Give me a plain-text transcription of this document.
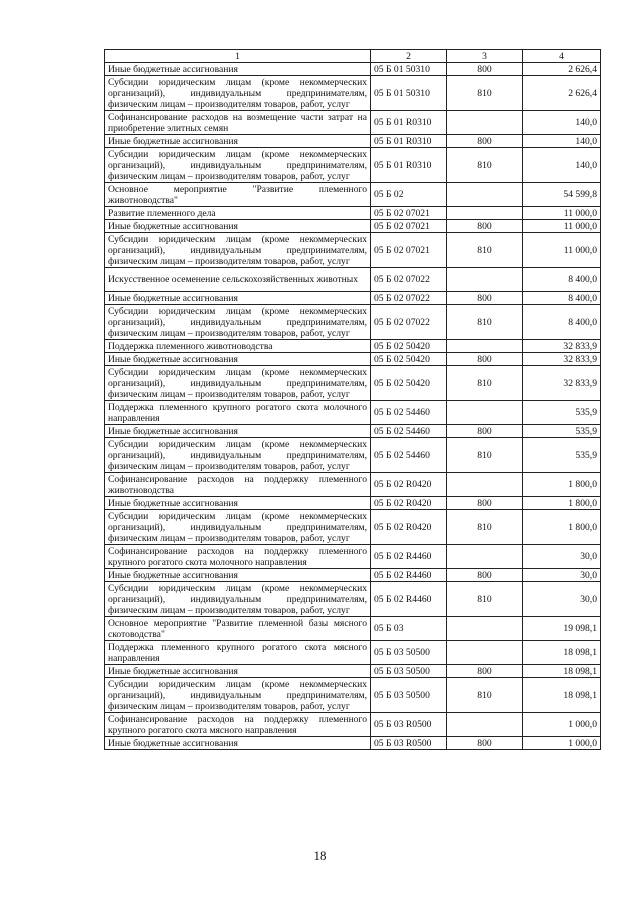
1	2	3	4
Иные бюджетные ассигнования	05 Б 01 50310	800	2 626,4
Субсидии юридическим лицам (кроме некоммерческих организаций), индивидуальным предпринимателям, физическим лицам – производителям товаров, работ, услуг	05 Б 01 50310	810	2 626,4
Софинансирование расходов на возмещение части затрат на приобретение элитных семян	05 Б 01 R0310		140,0
Иные бюджетные ассигнования	05 Б 01 R0310	800	140,0
Субсидии юридическим лицам (кроме некоммерческих организаций), индивидуальным предпринимателям, физическим лицам – производителям товаров, работ, услуг	05 Б 01 R0310	810	140,0
Основное мероприятие "Развитие племенного животноводства"	05 Б 02		54 599,8
Развитие племенного дела	05 Б 02 07021		11 000,0
Иные бюджетные ассигнования	05 Б 02 07021	800	11 000,0
Субсидии юридическим лицам (кроме некоммерческих организаций), индивидуальным предпринимателям, физическим лицам – производителям товаров, работ, услуг	05 Б 02 07021	810	11 000,0
Искусственное осеменение сельскохозяйственных животных	05 Б 02 07022		8 400,0
Иные бюджетные ассигнования	05 Б 02 07022	800	8 400,0
Субсидии юридическим лицам (кроме некоммерческих организаций), индивидуальным предпринимателям, физическим лицам – производителям товаров, работ, услуг	05 Б 02 07022	810	8 400,0
Поддержка племенного животноводства	05 Б 02 50420		32 833,9
Иные бюджетные ассигнования	05 Б 02 50420	800	32 833,9
Субсидии юридическим лицам (кроме некоммерческих организаций), индивидуальным предпринимателям, физическим лицам – производителям товаров, работ, услуг	05 Б 02 50420	810	32 833,9
Поддержка племенного крупного рогатого скота молочного направления	05 Б 02 54460		535,9
Иные бюджетные ассигнования	05 Б 02 54460	800	535,9
Субсидии юридическим лицам (кроме некоммерческих организаций), индивидуальным предпринимателям, физическим лицам – производителям товаров, работ, услуг	05 Б 02 54460	810	535,9
Софинансирование расходов на поддержку племенного животноводства	05 Б 02 R0420		1 800,0
Иные бюджетные ассигнования	05 Б 02 R0420	800	1 800,0
Субсидии юридическим лицам (кроме некоммерческих организаций), индивидуальным предпринимателям, физическим лицам – производителям товаров, работ, услуг	05 Б 02 R0420	810	1 800,0
Софинансирование расходов на поддержку племенного крупного рогатого скота молочного направления	05 Б 02 R4460		30,0
Иные бюджетные ассигнования	05 Б 02 R4460	800	30,0
Субсидии юридическим лицам (кроме некоммерческих организаций), индивидуальным предпринимателям, физическим лицам – производителям товаров, работ, услуг	05 Б 02 R4460	810	30,0
Основное мероприятие "Развитие племенной базы мясного скотоводства"	05 Б 03		19 098,1
Поддержка племенного крупного рогатого скота мясного направления	05 Б 03 50500		18 098,1
Иные бюджетные ассигнования	05 Б 03 50500	800	18 098,1
Субсидии юридическим лицам (кроме некоммерческих организаций), индивидуальным предпринимателям, физическим лицам – производителям товаров, работ, услуг	05 Б 03 50500	810	18 098,1
Софинансирование расходов на поддержку племенного крупного рогатого скота мясного направления	05 Б 03 R0500		1 000,0
Иные бюджетные ассигнования	05 Б 03 R0500	800	1 000,0
18
